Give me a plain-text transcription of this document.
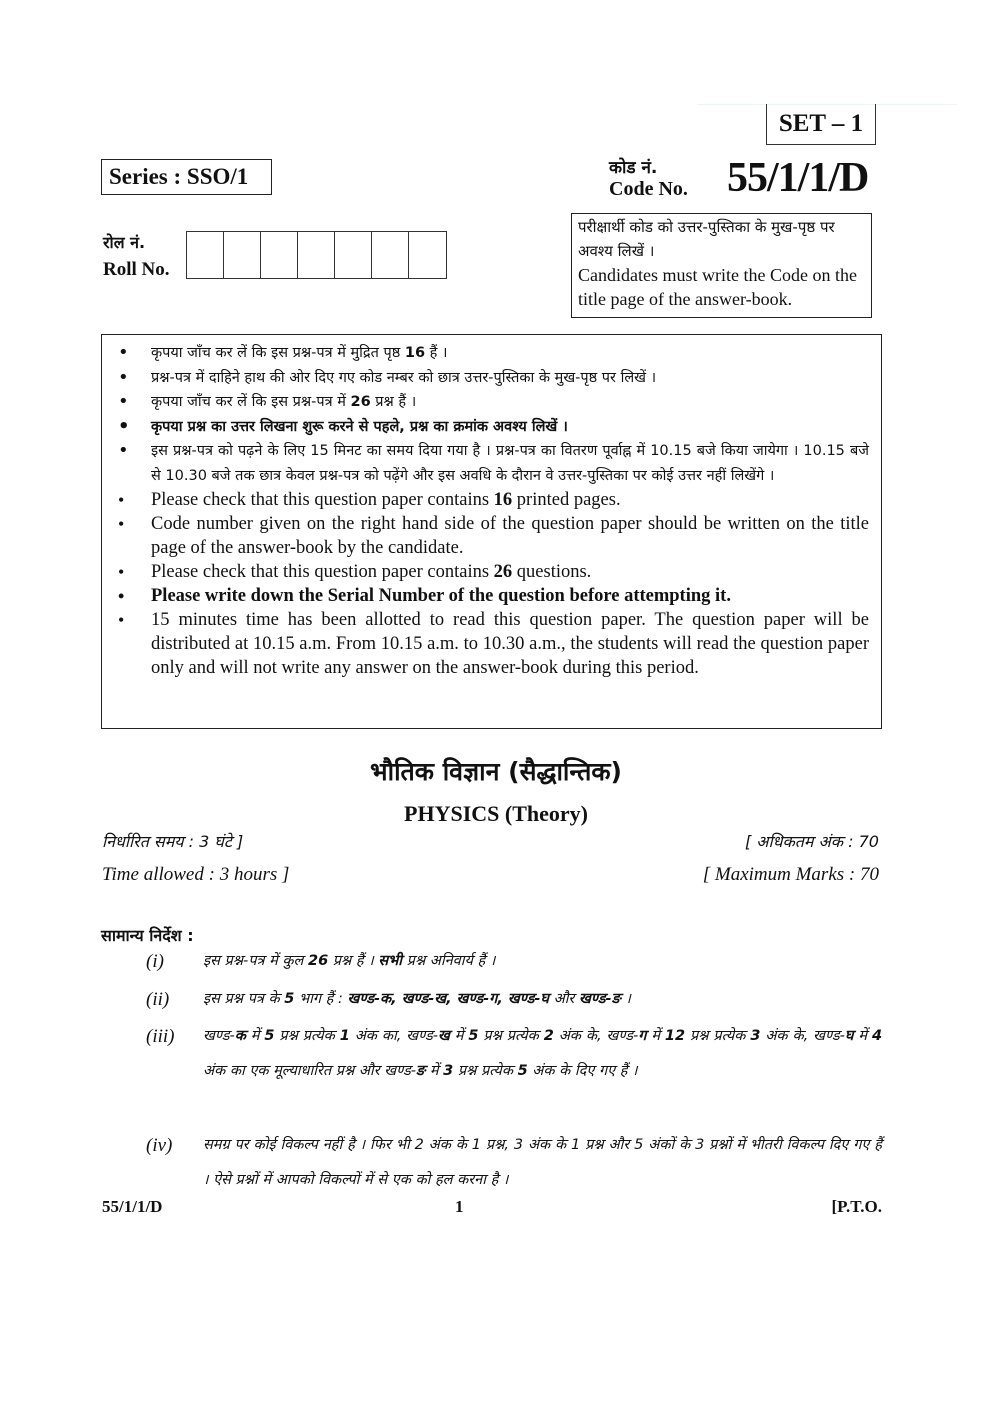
SET – 1
Series : SSO/1	कोड नं.
Code No. 55/1/1/D
रोल नं.
Roll No.
परीक्षार्थी कोड को उत्तर-पुस्तिका के मुख-पृष्ठ पर अवश्य लिखें ।
Candidates must write the Code on the title page of the answer-book.
• कृपया जाँच कर लें कि इस प्रश्न-पत्र में मुद्रित पृष्ठ 16 हैं ।
• प्रश्न-पत्र में दाहिने हाथ की ओर दिए गए कोड नम्बर को छात्र उत्तर-पुस्तिका के मुख-पृष्ठ पर लिखें ।
• कृपया जाँच कर लें कि इस प्रश्न-पत्र में 26 प्रश्न हैं ।
• कृपया प्रश्न का उत्तर लिखना शुरू करने से पहले, प्रश्न का क्रमांक अवश्य लिखें ।
• इस प्रश्न-पत्र को पढ़ने के लिए 15 मिनट का समय दिया गया है । प्रश्न-पत्र का वितरण पूर्वाह्न में 10.15 बजे किया जायेगा । 10.15 बजे से 10.30 बजे तक छात्र केवल प्रश्न-पत्र को पढ़ेंगे और इस अवधि के दौरान वे उत्तर-पुस्तिका पर कोई उत्तर नहीं लिखेंगे ।
• Please check that this question paper contains 16 printed pages.
• Code number given on the right hand side of the question paper should be written on the title page of the answer-book by the candidate.
• Please check that this question paper contains 26 questions.
• Please write down the Serial Number of the question before attempting it.
• 15 minutes time has been allotted to read this question paper. The question paper will be distributed at 10.15 a.m. From 10.15 a.m. to 10.30 a.m., the students will read the question paper only and will not write any answer on the answer-book during this period.
भौतिक विज्ञान (सैद्धान्तिक)
PHYSICS (Theory)
निर्धारित समय : 3 घंटे ]	[ अधिकतम अंक : 70
Time allowed : 3 hours ]	[ Maximum Marks : 70
सामान्य निर्देश :
(i)	इस प्रश्न-पत्र में कुल 26 प्रश्न हैं । सभी प्रश्न अनिवार्य हैं ।
(ii)	इस प्रश्न पत्र के 5 भाग हैं : खण्ड-क, खण्ड-ख, खण्ड-ग, खण्ड-घ और खण्ड-ङ ।
(iii)	खण्ड-क में 5 प्रश्न प्रत्येक 1 अंक का, खण्ड-ख में 5 प्रश्न प्रत्येक 2 अंक के, खण्ड-ग में 12 प्रश्न प्रत्येक 3 अंक के, खण्ड-घ में 4 अंक का एक मूल्याधारित प्रश्न और खण्ड-ङ में 3 प्रश्न प्रत्येक 5 अंक के दिए गए हैं ।
(iv)	समग्र पर कोई विकल्प नहीं है । फिर भी 2 अंक के 1 प्रश्न, 3 अंक के 1 प्रश्न और 5 अंकों के 3 प्रश्नों में भीतरी विकल्प दिए गए हैं । ऐसे प्रश्नों में आपको विकल्पों में से एक को हल करना है ।
55/1/1/D	1	[P.T.O.
